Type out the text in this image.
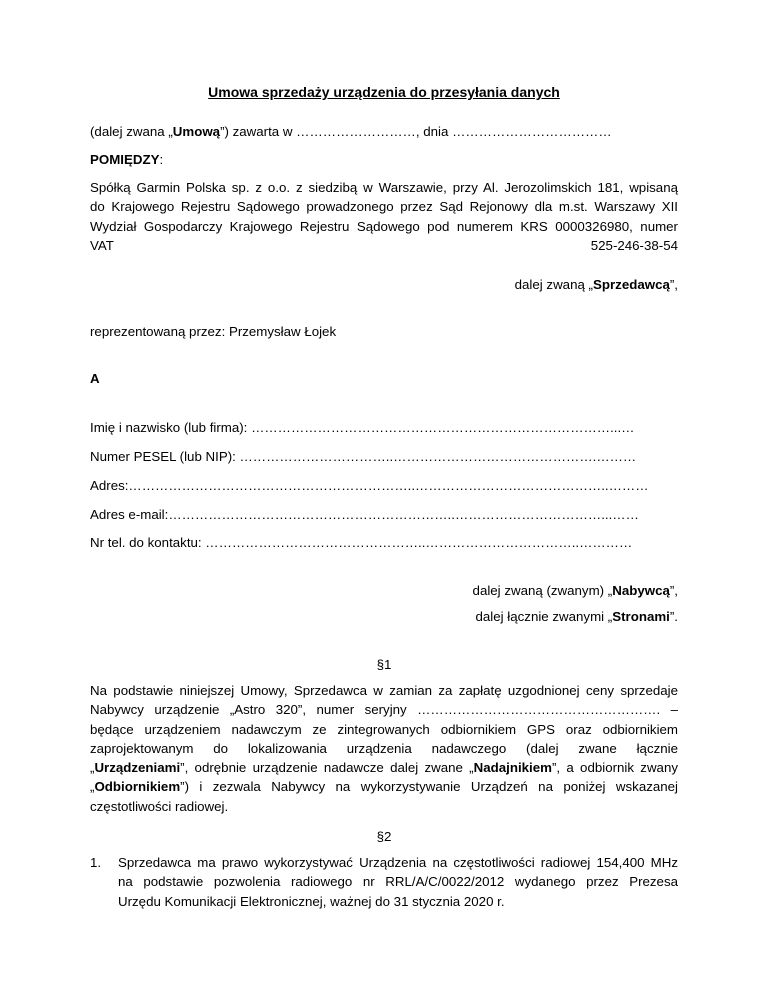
Umowa sprzedaży urządzenia do przesyłania danych
(dalej zwana „Umową”) zawarta w ………………………, dnia ………………………………
POMIĘDZY:
Spółką Garmin Polska sp. z o.o. z siedzibą w Warszawie, przy Al. Jerozolimskich 181, wpisaną
do Krajowego Rejestru Sądowego prowadzonego przez Sąd Rejonowy dla m.st. Warszawy XII
Wydział Gospodarczy Krajowego Rejestru Sądowego pod numerem KRS 0000326980, numer
VAT 525-246-38-54
dalej zwaną „Sprzedawcą”,
reprezentowaną przez: Przemysław Łojek
A
Imię i nazwisko (lub firma): ………………………………………………………………………...…
Numer PESEL (lub NIP): ……………………………..……………………………………….………
Adres:………………………………………………………..……………………………………..………
Adres e-mail:………………………………………………………..……………………………...……
Nr tel. do kontaktu: …………………………………………..……………………………..…………
dalej zwaną (zwanym) „Nabywcą”,
dalej łącznie zwanymi „Stronami”.
§1
Na podstawie niniejszej Umowy, Sprzedawca w zamian za zapłatę uzgodnionej ceny sprzedaje
Nabywcy urządzenie „Astro 320”, numer seryjny ………………………………………………. –
będące urządzeniem nadawczym ze zintegrowanych odbiornikiem GPS oraz odbiornikiem
zaprojektowanym     do     lokalizowania     urządzenia     nadawczego     (dalej     zwane     łącznie
„Urządzeniami”, odrębnie urządzenie nadawcze dalej zwane „Nadajnikiem”, a odbiornik zwany
„Odbiornikiem”) i zezwala Nabywcy na wykorzystywanie Urządzeń na poniżej wskazanej
częstotliwości radiowej.
§2
1. Sprzedawca ma prawo wykorzystywać Urządzenia na częstotliwości radiowej 154,400 MHz
na podstawie pozwolenia radiowego nr RRL/A/C/0022/2012 wydanego przez Prezesa
Urzędu Komunikacji Elektronicznej, ważnej do 31 stycznia 2020 r.
